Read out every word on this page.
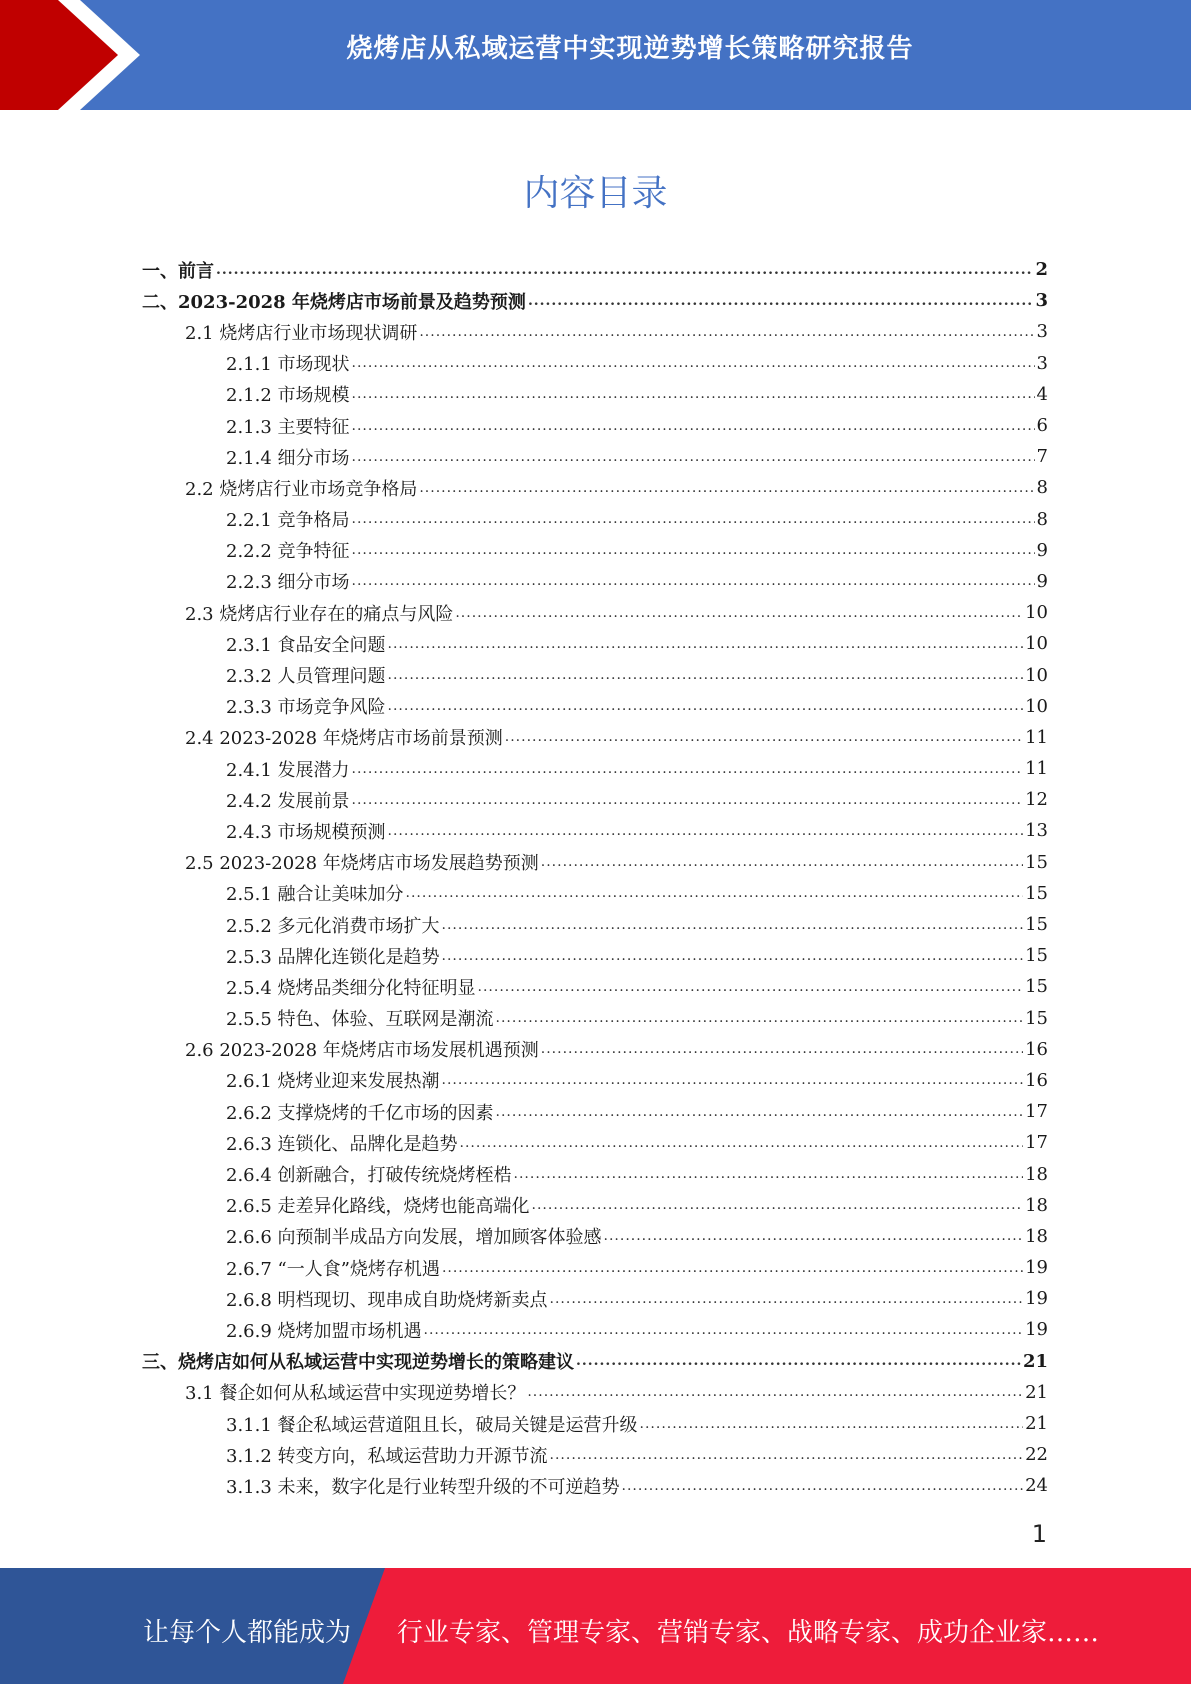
烧烤店从私域运营中实现逆势增长策略研究报告
内容目录
一、前言 .....	2
二、2023-2028 年烧烤店市场前景及趋势预测 .....	3
2.1 烧烤店行业市场现状调研 .....	3
2.1.1 市场现状 .....	3
2.1.2 市场规模 .....	4
2.1.3 主要特征 .....	6
2.1.4 细分市场 .....	7
2.2 烧烤店行业市场竞争格局 .....	8
2.2.1 竞争格局 .....	8
2.2.2 竞争特征 .....	9
2.2.3 细分市场 .....	9
2.3 烧烤店行业存在的痛点与风险 .....	10
2.3.1 食品安全问题 .....	10
2.3.2 人员管理问题 .....	10
2.3.3 市场竞争风险 .....	10
2.4 2023-2028 年烧烤店市场前景预测 .....	11
2.4.1 发展潜力 .....	11
2.4.2 发展前景 .....	12
2.4.3 市场规模预测 .....	13
2.5 2023-2028 年烧烤店市场发展趋势预测 .....	15
2.5.1 融合让美味加分 .....	15
2.5.2 多元化消费市场扩大 .....	15
2.5.3 品牌化连锁化是趋势 .....	15
2.5.4 烧烤品类细分化特征明显 .....	15
2.5.5 特色、体验、互联网是潮流 .....	15
2.6 2023-2028 年烧烤店市场发展机遇预测 .....	16
2.6.1 烧烤业迎来发展热潮 .....	16
2.6.2 支撑烧烤的千亿市场的因素 .....	17
2.6.3 连锁化、品牌化是趋势 .....	17
2.6.4 创新融合，打破传统烧烤桎梏 .....	18
2.6.5 走差异化路线，烧烤也能高端化 .....	18
2.6.6 向预制半成品方向发展，增加顾客体验感 .....	18
2.6.7 “一人食”烧烤存机遇 .....	19
2.6.8 明档现切、现串成自助烧烤新卖点 .....	19
2.6.9 烧烤加盟市场机遇 .....	19
三、烧烤店如何从私域运营中实现逆势增长的策略建议 .....	21
3.1 餐企如何从私域运营中实现逆势增长？ .....	21
3.1.1 餐企私域运营道阻且长，破局关键是运营升级 .....	21
3.1.2 转变方向，私域运营助力开源节流 .....	22
3.1.3 未来，数字化是行业转型升级的不可逆趋势 .....	24
1
让每个人都能成为 行业专家、管理专家、营销专家、战略专家、成功企业家……
